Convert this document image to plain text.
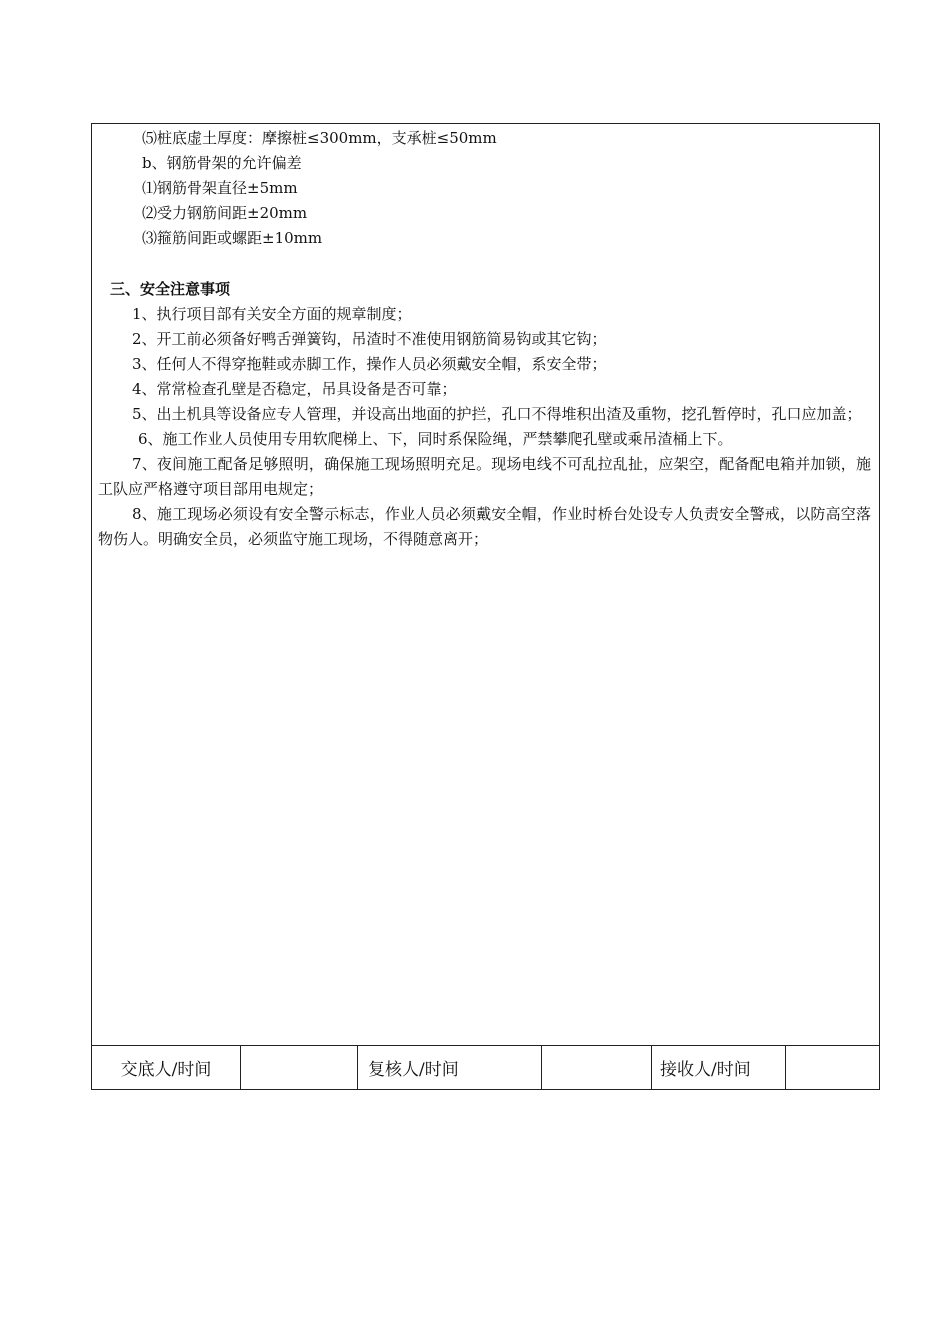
⑸桩底虚土厚度：摩擦桩≤300mm，支承桩≤50mm
b、钢筋骨架的允许偏差
⑴钢筋骨架直径±5mm
⑵受力钢筋间距±20mm
⑶箍筋间距或螺距±10mm
三、安全注意事项
1、执行项目部有关安全方面的规章制度；
2、开工前必须备好鸭舌弹簧钩，吊渣时不准使用钢筋简易钩或其它钩；
3、任何人不得穿拖鞋或赤脚工作，操作人员必须戴安全帽，系安全带；
4、常常检查孔壁是否稳定，吊具设备是否可靠；
5、出土机具等设备应专人管理，并设高出地面的护拦，孔口不得堆积出渣及重物，挖孔暂停时，孔口应加盖；
6、施工作业人员使用专用软爬梯上、下，同时系保险绳，严禁攀爬孔壁或乘吊渣桶上下。
7、夜间施工配备足够照明，确保施工现场照明充足。现场电线不可乱拉乱扯，应架空，配备配电箱并加锁，施工队应严格遵守项目部用电规定；
8、施工现场必须设有安全警示标志，作业人员必须戴安全帽，作业时桥台处设专人负责安全警戒，以防高空落物伤人。明确安全员，必须监守施工现场，不得随意离开；
交底人/时间	复核人/时间	接收人/时间
